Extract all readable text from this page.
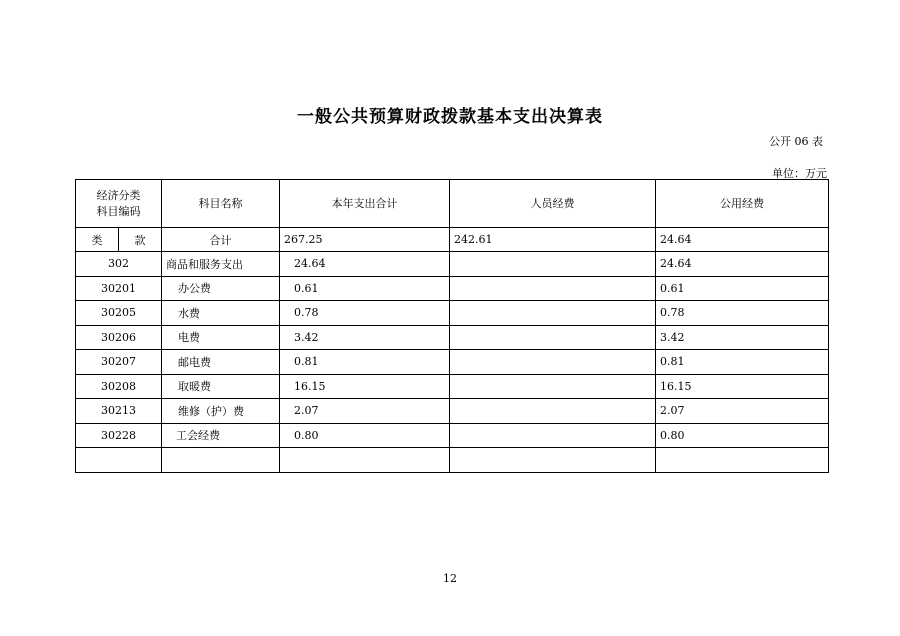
一般公共预算财政拨款基本支出决算表
公开 06 表
单位：万元
经济分类
科目编码		科目名称	本年支出合计	人员经费	公用经费
类	款	合计	267.25	242.61	24.64
302		商品和服务支出	24.64		24.64
30201		办公费	0.61		0.61
30205		水费	0.78		0.78
30206		电费	3.42		3.42
30207		邮电费	0.81		0.81
30208		取暖费	16.15		16.15
30213		维修（护）费	2.07		2.07
30228		工会经费	0.80		0.80

12
